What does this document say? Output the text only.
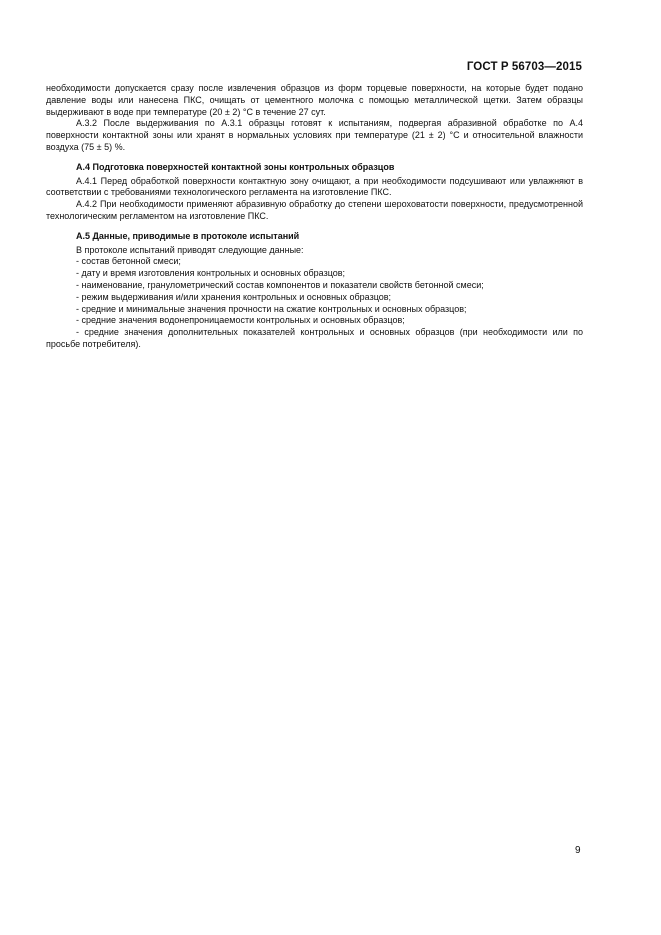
ГОСТ Р 56703—2015

необходимости допускается сразу после извлечения образцов из форм торцевые поверхности, на которые будет подано давление воды или нанесена ПКС, очищать от цементного молочка с помощью металлической щетки. Затем образцы выдерживают в воде при температуре (20 ± 2) °С в течение 27 сут.

А.3.2 После выдерживания по А.3.1 образцы готовят к испытаниям, подвергая абразивной обработке по А.4 поверхности контактной зоны или хранят в нормальных условиях при температуре (21 ± 2) °С и относительной влажности воздуха (75 ± 5) %.

А.4 Подготовка поверхностей контактной зоны контрольных образцов

А.4.1 Перед обработкой поверхности контактную зону очищают, а при необходимости подсушивают или увлажняют в соответствии с требованиями технологического регламента на изготовление ПКС.

А.4.2 При необходимости применяют абразивную обработку до степени шероховатости поверхности, предусмотренной технологическим регламентом на изготовление ПКС.

А.5 Данные, приводимые в протоколе испытаний

В протоколе испытаний приводят следующие данные:

- состав бетонной смеси;

- дату и время изготовления контрольных и основных образцов;

- наименование, гранулометрический состав компонентов и показатели свойств бетонной смеси;

- режим выдерживания и/или хранения контрольных и основных образцов;

- средние и минимальные значения прочности на сжатие контрольных и основных образцов;

- средние значения водонепроницаемости контрольных и основных образцов;

- средние значения дополнительных показателей контрольных и основных образцов (при необходимости или по просьбе потребителя).

9
